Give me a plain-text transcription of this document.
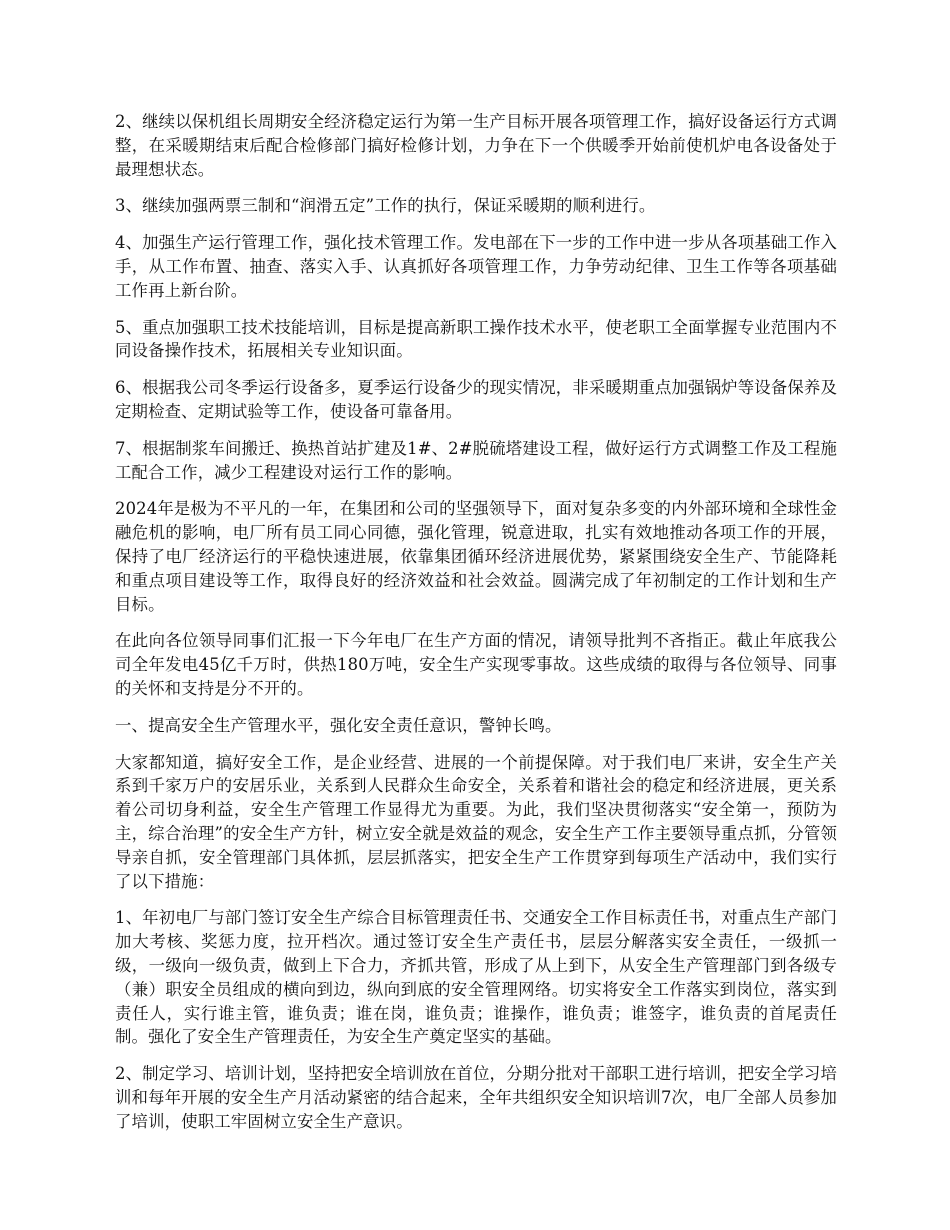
2、继续以保机组长周期安全经济稳定运行为第一生产目标开展各项管理工作，搞好设备运行方式调整，在采暖期结束后配合检修部门搞好检修计划，力争在下一个供暖季开始前使机炉电各设备处于最理想状态。

3、继续加强两票三制和“润滑五定”工作的执行，保证采暖期的顺利进行。

4、加强生产运行管理工作，强化技术管理工作。发电部在下一步的工作中进一步从各项基础工作入手，从工作布置、抽查、落实入手、认真抓好各项管理工作，力争劳动纪律、卫生工作等各项基础工作再上新台阶。

5、重点加强职工技术技能培训，目标是提高新职工操作技术水平，使老职工全面掌握专业范围内不同设备操作技术，拓展相关专业知识面。

6、根据我公司冬季运行设备多，夏季运行设备少的现实情况，非采暖期重点加强锅炉等设备保养及定期检查、定期试验等工作，使设备可靠备用。

7、根据制浆车间搬迁、换热首站扩建及1#、2#脱硫塔建设工程，做好运行方式调整工作及工程施工配合工作，减少工程建设对运行工作的影响。

2024年是极为不平凡的一年，在集团和公司的坚强领导下，面对复杂多变的内外部环境和全球性金融危机的影响，电厂所有员工同心同德，强化管理，锐意进取，扎实有效地推动各项工作的开展，保持了电厂经济运行的平稳快速进展，依靠集团循环经济进展优势，紧紧围绕安全生产、节能降耗和重点项目建设等工作，取得良好的经济效益和社会效益。圆满完成了年初制定的工作计划和生产目标。

在此向各位领导同事们汇报一下今年电厂在生产方面的情况，请领导批判不吝指正。截止年底我公司全年发电45亿千万时，供热180万吨，安全生产实现零事故。这些成绩的取得与各位领导、同事的关怀和支持是分不开的。

一、提高安全生产管理水平，强化安全责任意识，警钟长鸣。

大家都知道，搞好安全工作，是企业经营、进展的一个前提保障。对于我们电厂来讲，安全生产关系到千家万户的安居乐业，关系到人民群众生命安全，关系着和谐社会的稳定和经济进展，更关系着公司切身利益，安全生产管理工作显得尤为重要。为此，我们坚决贯彻落实“安全第一，预防为主，综合治理”的安全生产方针，树立安全就是效益的观念，安全生产工作主要领导重点抓，分管领导亲自抓，安全管理部门具体抓，层层抓落实，把安全生产工作贯穿到每项生产活动中，我们实行了以下措施：

1、年初电厂与部门签订安全生产综合目标管理责任书、交通安全工作目标责任书，对重点生产部门加大考核、奖惩力度，拉开档次。通过签订安全生产责任书，层层分解落实安全责任，一级抓一级，一级向一级负责，做到上下合力，齐抓共管，形成了从上到下，从安全生产管理部门到各级专（兼）职安全员组成的横向到边，纵向到底的安全管理网络。切实将安全工作落实到岗位，落实到责任人，实行谁主管，谁负责；谁在岗，谁负责；谁操作，谁负责；谁签字，谁负责的首尾责任制。强化了安全生产管理责任，为安全生产奠定坚实的基础。

2、制定学习、培训计划，坚持把安全培训放在首位，分期分批对干部职工进行培训，把安全学习培训和每年开展的安全生产月活动紧密的结合起来，全年共组织安全知识培训7次，电厂全部人员参加了培训，使职工牢固树立安全生产意识。
